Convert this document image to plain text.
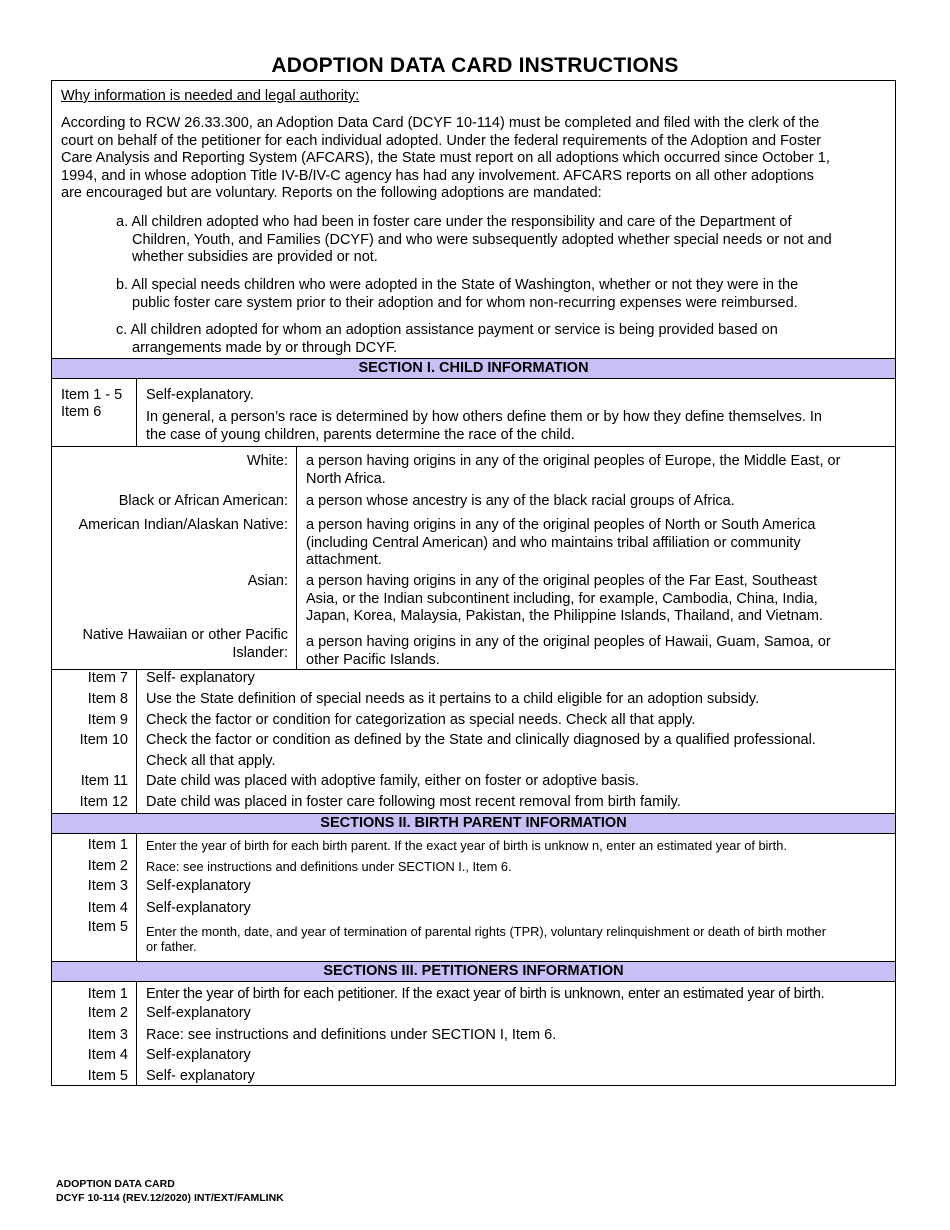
ADOPTION DATA CARD INSTRUCTIONS
Why information is needed and legal authority:
According to RCW 26.33.300, an Adoption Data Card (DCYF 10-114) must be completed and filed with the clerk of the
court on behalf of the petitioner for each individual adopted. Under the federal requirements of the Adoption and Foster
Care Analysis and Reporting System (AFCARS), the State must report on all adoptions which occurred since October 1,
1994, and in whose adoption Title IV-B/IV-C agency has had any involvement. AFCARS reports on all other adoptions
are encouraged but are voluntary. Reports on the following adoptions are mandated:
a. All children adopted who had been in foster care under the responsibility and care of the Department of
Children, Youth, and Families (DCYF) and who were subsequently adopted whether special needs or not and
whether subsidies are provided or not.
b. All special needs children who were adopted in the State of Washington, whether or not they were in the
public foster care system prior to their adoption and for whom non-recurring expenses were reimbursed.
c. All children adopted for whom an adoption assistance payment or service is being provided based on
arrangements made by or through DCYF.
SECTION I. CHILD INFORMATION
Item 1 - 5
Item 6
Self-explanatory.
In general, a person’s race is determined by how others define them or by how they define themselves. In
the case of young children, parents determine the race of the child.
White: a person having origins in any of the original peoples of Europe, the Middle East, or
North Africa.
Black or African American: a person whose ancestry is any of the black racial groups of Africa.
American Indian/Alaskan Native: a person having origins in any of the original peoples of North or South America
(including Central American) and who maintains tribal affiliation or community
attachment.
Asian: a person having origins in any of the original peoples of the Far East, Southeast
Asia, or the Indian subcontinent including, for example, Cambodia, China, India,
Japan, Korea, Malaysia, Pakistan, the Philippine Islands, Thailand, and Vietnam.
Native Hawaiian or other Pacific
Islander:
a person having origins in any of the original peoples of Hawaii, Guam, Samoa, or
other Pacific Islands.
Item 7 Self- explanatory
Item 8 Use the State definition of special needs as it pertains to a child eligible for an adoption subsidy.
Item 9 Check the factor or condition for categorization as special needs. Check all that apply.
Item 10 Check the factor or condition as defined by the State and clinically diagnosed by a qualified professional.
Check all that apply.
Item 11 Date child was placed with adoptive family, either on foster or adoptive basis.
Item 12 Date child was placed in foster care following most recent removal from birth family.
SECTIONS II. BIRTH PARENT INFORMATION
Item 1 Enter the year of birth for each birth parent. If the exact year of birth is unknow n, enter an estimated year of birth.
Item 2 Race: see instructions and definitions under SECTION I., Item 6.
Item 3 Self-explanatory
Item 4 Self-explanatory
Item 5 Enter the month, date, and year of termination of parental rights (TPR), voluntary relinquishment or death of birth mother
or father.
SECTIONS III. PETITIONERS INFORMATION
Item 1 Enter the year of birth for each petitioner. If the exact year of birth is unknown, enter an estimated year of birth.
Item 2 Self-explanatory
Item 3 Race: see instructions and definitions under SECTION I, Item 6.
Item 4 Self-explanatory
Item 5 Self- explanatory
ADOPTION DATA CARD
DCYF 10-114 (REV.12/2020) INT/EXT/FAMLINK
